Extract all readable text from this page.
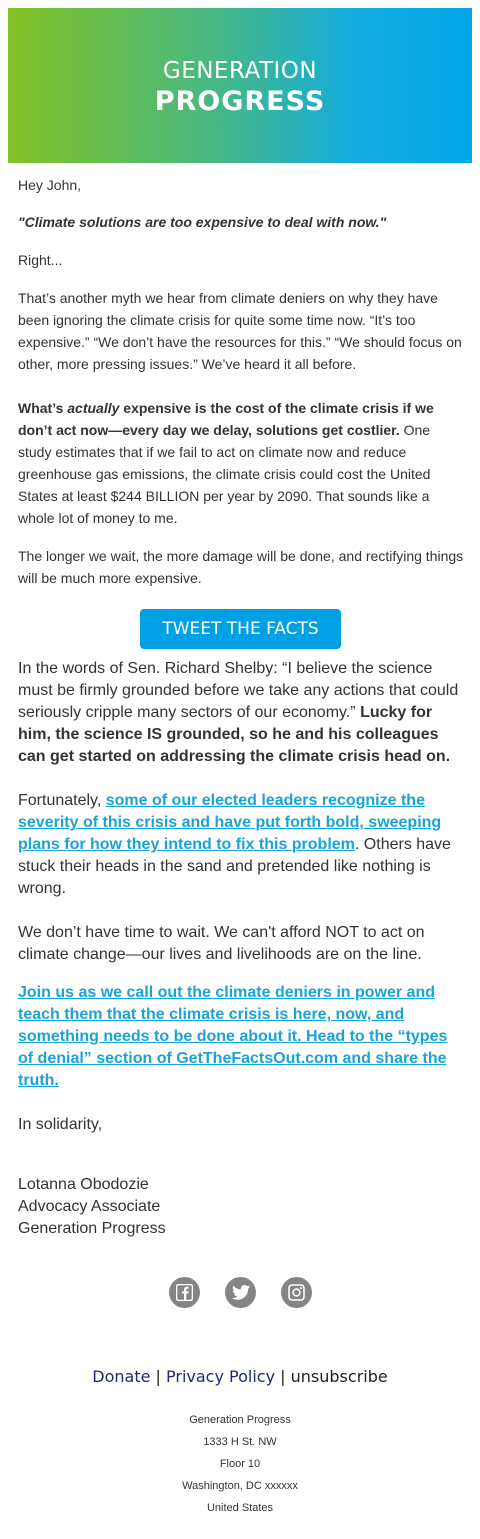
GENERATION
PROGRESS
Hey John,
"Climate solutions are too expensive to deal with now."
Right...
That’s another myth we hear from climate deniers on why they have been ignoring the climate crisis for quite some time now. “It’s too expensive.” “We don’t have the resources for this.” “We should focus on other, more pressing issues.” We’ve heard it all before.
What’s actually expensive is the cost of the climate crisis if we don’t act now—every day we delay, solutions get costlier. One study estimates that if we fail to act on climate now and reduce greenhouse gas emissions, the climate crisis could cost the United States at least $244 BILLION per year by 2090. That sounds like a whole lot of money to me.
The longer we wait, the more damage will be done, and rectifying things will be much more expensive.
TWEET THE FACTS
In the words of Sen. Richard Shelby: “I believe the science must be firmly grounded before we take any actions that could seriously cripple many sectors of our economy.” Lucky for him, the science IS grounded, so he and his colleagues can get started on addressing the climate crisis head on.
Fortunately, some of our elected leaders recognize the severity of this crisis and have put forth bold, sweeping plans for how they intend to fix this problem. Others have stuck their heads in the sand and pretended like nothing is wrong.
We don’t have time to wait. We can't afford NOT to act on climate change—our lives and livelihoods are on the line.
Join us as we call out the climate deniers in power and teach them that the climate crisis is here, now, and something needs to be done about it. Head to the “types of denial” section of GetTheFactsOut.com and share the truth.
In solidarity,
Lotanna Obodozie
Advocacy Associate
Generation Progress
Donate | Privacy Policy | unsubscribe
Generation Progress
1333 H St. NW
Floor 10
Washington, DC xxxxxx
United States
